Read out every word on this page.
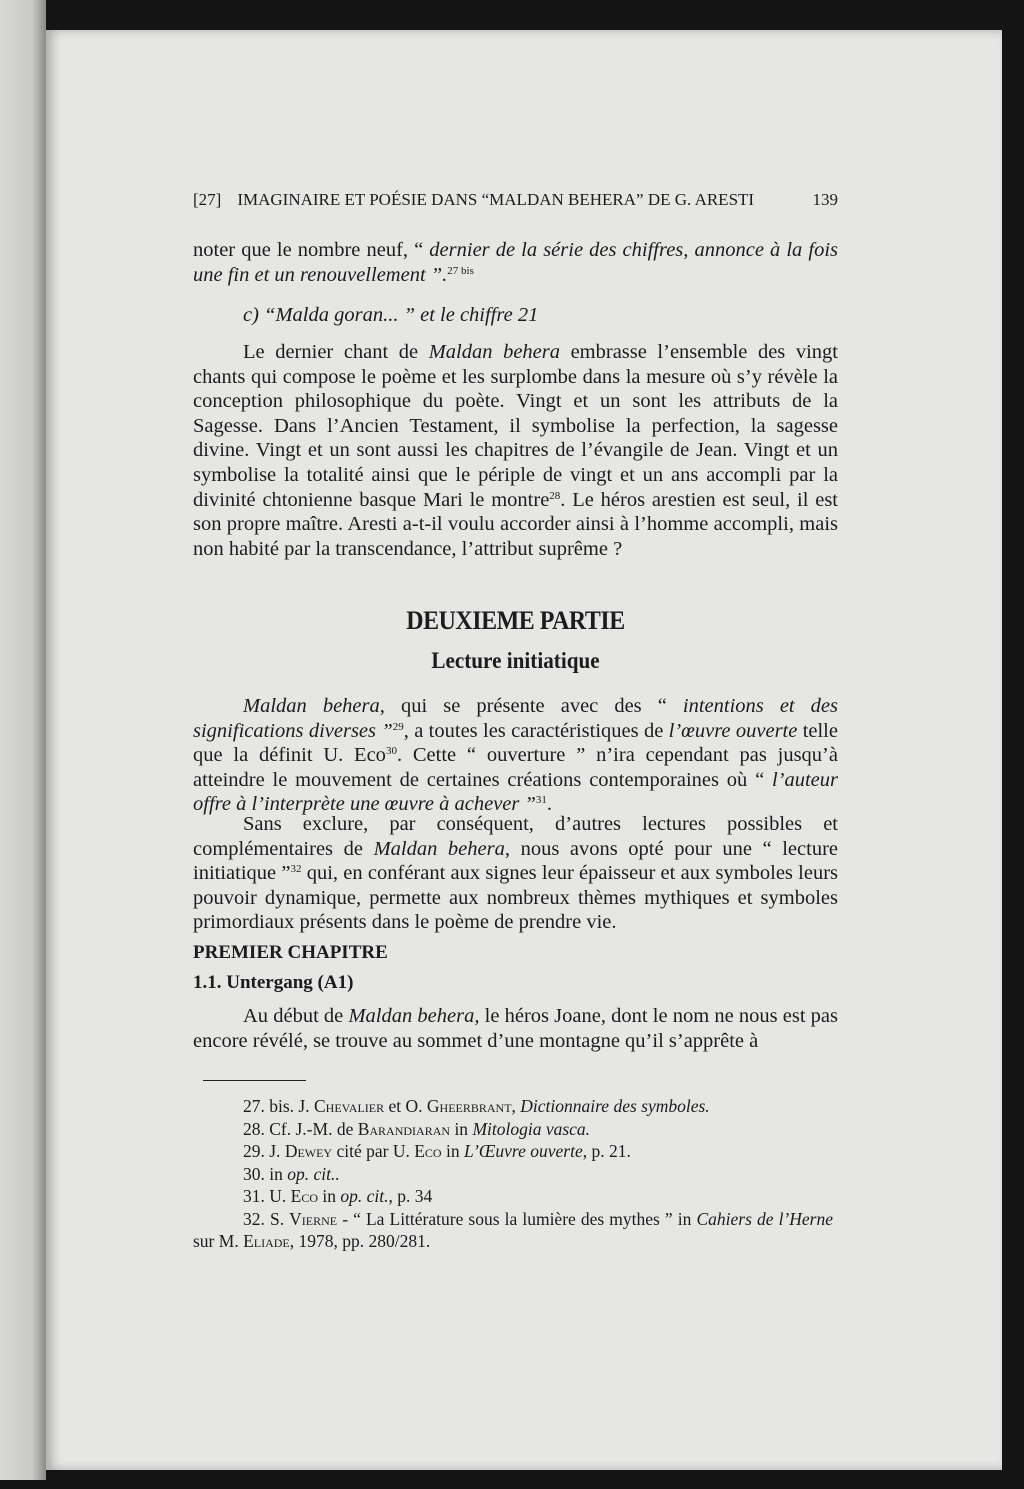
[27] IMAGINAIRE ET POÉSIE DANS “MALDAN BEHERA” DE G. ARESTI	139
noter que le nombre neuf, “ dernier de la série des chiffres, annonce à la fois une fin et un renouvellement ”.$^{27 bis}$
c) “Malda goran... ” et le chiffre 21
Le dernier chant de Maldan behera embrasse l’ensemble des vingt chants qui compose le poème et les surplombe dans la mesure où s’y révèle la conception philosophique du poète. Vingt et un sont les attributs de la Sagesse. Dans l’Ancien Testament, il symbolise la perfection, la sagesse divine. Vingt et un sont aussi les chapitres de l’évangile de Jean. Vingt et un symbolise la totalité ainsi que le périple de vingt et un ans accompli par la divinité chtonienne basque Mari le montre$^{28}$. Le héros arestien est seul, il est son propre maître. Aresti a-t-il voulu accorder ainsi à l’homme accompli, mais non habité par la transcendance, l’attribut suprême ?
DEUXIEME PARTIE
Lecture initiatique
Maldan behera, qui se présente avec des “ intentions et des significations diverses ”$^{29}$, a toutes les caractéristiques de l’œuvre ouverte telle que la définit U. Eco$^{30}$. Cette “ ouverture ” n’ira cependant pas jusqu’à atteindre le mouvement de certaines créations contemporaines où “ l’auteur offre à l’interprète une œuvre à achever ”$^{31}$.
Sans exclure, par conséquent, d’autres lectures possibles et complémentaires de Maldan behera, nous avons opté pour une “ lecture initiatique ”$^{32}$ qui, en conférant aux signes leur épaisseur et aux symboles leurs pouvoir dynamique, permette aux nombreux thèmes mythiques et symboles primordiaux présents dans le poème de prendre vie.
PREMIER CHAPITRE
1.1. Untergang (A1)
Au début de Maldan behera, le héros Joane, dont le nom ne nous est pas encore révélé, se trouve au sommet d’une montagne qu’il s’apprête à
27. bis. J. Chevalier et O. Gheerbrant, Dictionnaire des symboles.
28. Cf. J.-M. de Barandiaran in Mitologia vasca.
29. J. Dewey cité par U. Eco in L’Œuvre ouverte, p. 21.
30. in op. cit..
31. U. Eco in op. cit., p. 34
32. S. Vierne - “ La Littérature sous la lumière des mythes ” in Cahiers de l’Herne sur M. Eliade, 1978, pp. 280/281.
